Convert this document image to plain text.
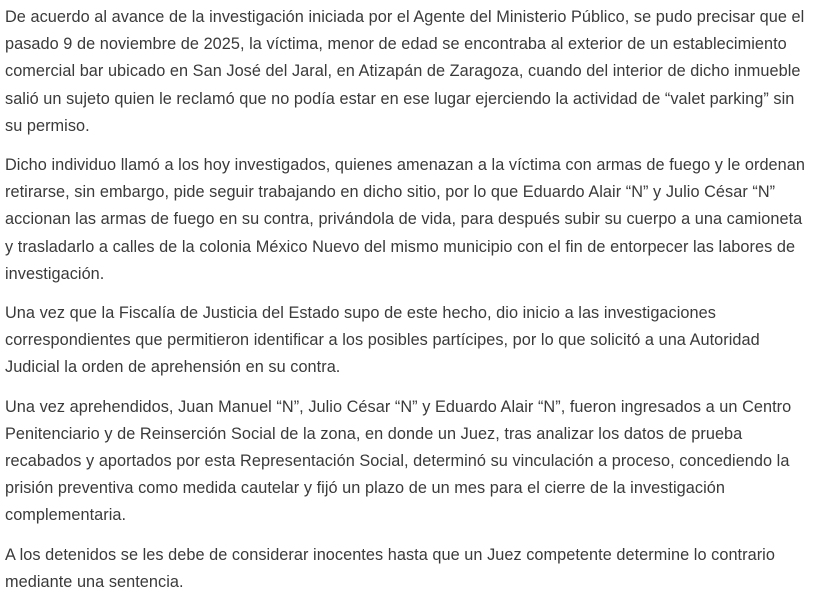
De acuerdo al avance de la investigación iniciada por el Agente del Ministerio Público, se pudo precisar que el pasado 9 de noviembre de 2025, la víctima, menor de edad se encontraba al exterior de un establecimiento comercial bar ubicado en San José del Jaral, en Atizapán de Zaragoza, cuando del interior de dicho inmueble salió un sujeto quien le reclamó que no podía estar en ese lugar ejerciendo la actividad de “valet parking” sin su permiso.

Dicho individuo llamó a los hoy investigados, quienes amenazan a la víctima con armas de fuego y le ordenan retirarse, sin embargo, pide seguir trabajando en dicho sitio, por lo que Eduardo Alair “N” y Julio César “N” accionan las armas de fuego en su contra, privándola de vida, para después subir su cuerpo a una camioneta y trasladarlo a calles de la colonia México Nuevo del mismo municipio con el fin de entorpecer las labores de investigación.

Una vez que la Fiscalía de Justicia del Estado supo de este hecho, dio inicio a las investigaciones correspondientes que permitieron identificar a los posibles partícipes, por lo que solicitó a una Autoridad Judicial la orden de aprehensión en su contra.

Una vez aprehendidos, Juan Manuel “N”, Julio César “N” y Eduardo Alair “N”, fueron ingresados a un Centro Penitenciario y de Reinserción Social de la zona, en donde un Juez, tras analizar los datos de prueba recabados y aportados por esta Representación Social, determinó su vinculación a proceso, concediendo la prisión preventiva como medida cautelar y fijó un plazo de un mes para el cierre de la investigación complementaria.

A los detenidos se les debe de considerar inocentes hasta que un Juez competente determine lo contrario mediante una sentencia.
